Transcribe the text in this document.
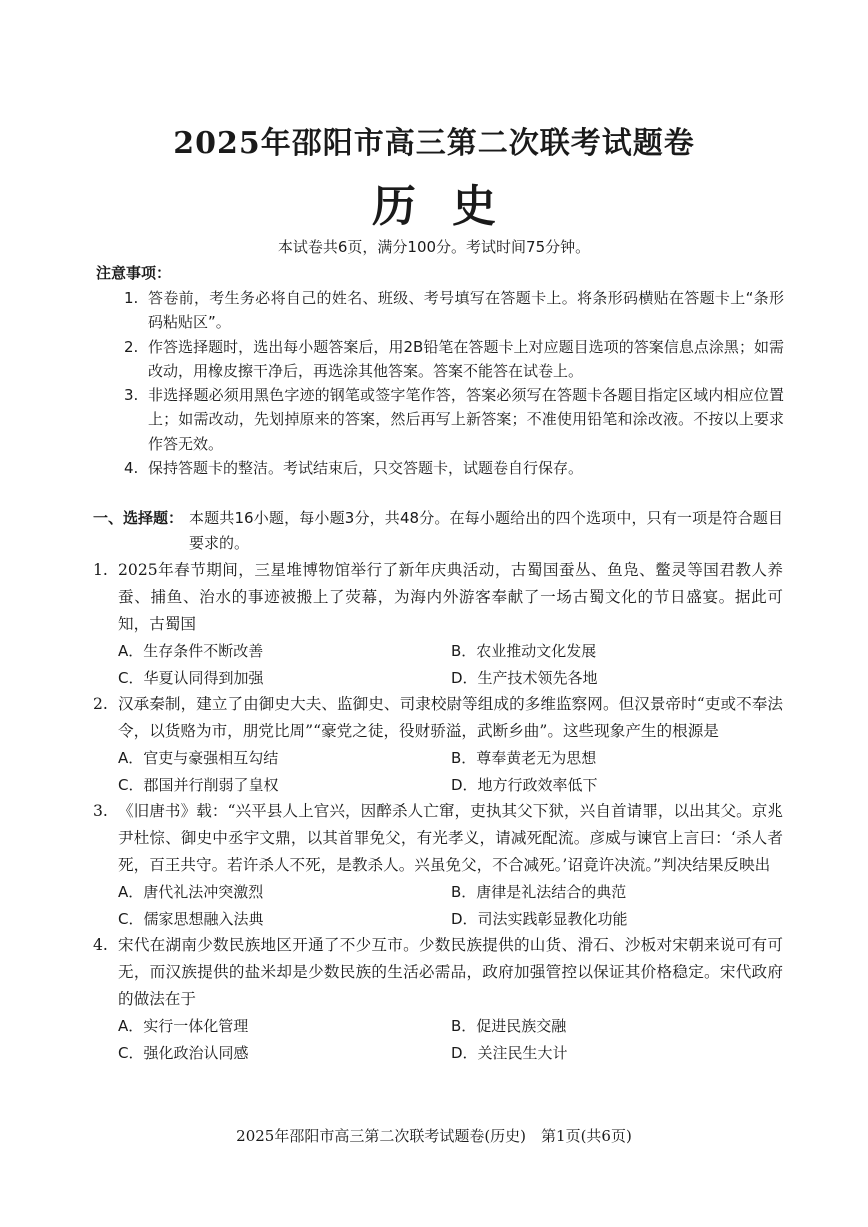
2025年邵阳市高三第二次联考试题卷
历史
本试卷共6页，满分100分。考试时间75分钟。
注意事项：
1. 答卷前，考生务必将自己的姓名、班级、考号填写在答题卡上。将条形码横贴在答题卡上“条形码粘贴区”。
2. 作答选择题时，选出每小题答案后，用2B铅笔在答题卡上对应题目选项的答案信息点涂黑；如需改动，用橡皮擦干净后，再选涂其他答案。答案不能答在试卷上。
3. 非选择题必须用黑色字迹的钢笔或签字笔作答，答案必须写在答题卡各题目指定区域内相应位置上；如需改动，先划掉原来的答案，然后再写上新答案；不准使用铅笔和涂改液。不按以上要求作答无效。
4. 保持答题卡的整洁。考试结束后，只交答题卡，试题卷自行保存。
一、选择题： 本题共16小题，每小题3分，共48分。在每小题给出的四个选项中，只有一项是符合题目要求的。
1. 2025年春节期间，三星堆博物馆举行了新年庆典活动，古蜀国蚕丛、鱼凫、鳖灵等国君教人养蚕、捕鱼、治水的事迹被搬上了荧幕，为海内外游客奉献了一场古蜀文化的节日盛宴。据此可知，古蜀国
A．生存条件不断改善	B．农业推动文化发展
C．华夏认同得到加强	D．生产技术领先各地
2. 汉承秦制，建立了由御史大夫、监御史、司隶校尉等组成的多维监察网。但汉景帝时“吏或不奉法令，以货赂为市，朋党比周”“豪党之徒，役财骄溢，武断乡曲”。这些现象产生的根源是
A．官吏与豪强相互勾结	B．尊奉黄老无为思想
C．郡国并行削弱了皇权	D．地方行政效率低下
3. 《旧唐书》载：“兴平县人上官兴，因醉杀人亡窜，吏执其父下狱，兴自首请罪，以出其父。京兆尹杜悰、御史中丞宇文鼎，以其首罪免父，有光孝义，请减死配流。彦威与谏官上言曰：‘杀人者死，百王共守。若许杀人不死，是教杀人。兴虽免父，不合减死。’诏竟许决流。”判决结果反映出
A．唐代礼法冲突激烈	B．唐律是礼法结合的典范
C．儒家思想融入法典	D．司法实践彰显教化功能
4. 宋代在湖南少数民族地区开通了不少互市。少数民族提供的山货、滑石、沙板对宋朝来说可有可无，而汉族提供的盐米却是少数民族的生活必需品，政府加强管控以保证其价格稳定。宋代政府的做法在于
A．实行一体化管理	B．促进民族交融
C．强化政治认同感	D．关注民生大计
2025年邵阳市高三第二次联考试题卷(历史)　第1页(共6页)
